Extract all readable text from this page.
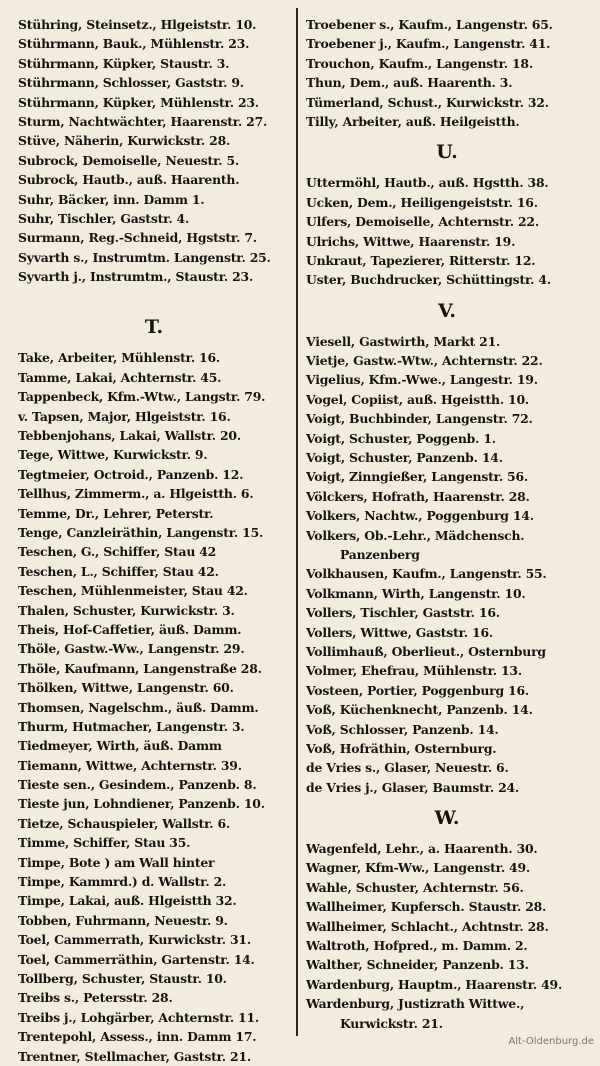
Stühring, Steinsetz., Hlgeiststr. 10.
Stührmann, Bauk., Mühlenstr. 23.
Stührmann, Küpker, Staustr. 3.
Stührmann, Schlosser, Gaststr. 9.
Stührmann, Küpker, Mühlenstr. 23.
Sturm, Nachtwächter, Haarenstr. 27.
Stüve, Näherin, Kurwickstr. 28.
Subrock, Demoiselle, Neuestr. 5.
Subrock, Hautb., auß. Haarenth.
Suhr, Bäcker, inn. Damm 1.
Suhr, Tischler, Gaststr. 4.
Surmann, Reg.-Schneid, Hgststr. 7.
Syvarth s., Instrumtm. Langenstr. 25.
Syvarth j., Instrumtm., Staustr. 23.
T.
Take, Arbeiter, Mühlenstr. 16.
Tamme, Lakai, Achternstr. 45.
Tappenbeck, Kfm.-Wtw., Langstr. 79.
v. Tapsen, Major, Hlgeiststr. 16.
Tebbenjohans, Lakai, Wallstr. 20.
Tege, Wittwe, Kurwickstr. 9.
Tegtmeier, Octroid., Panzenb. 12.
Tellhus, Zimmerm., a. Hlgeistth. 6.
Temme, Dr., Lehrer, Peterstr.
Tenge, Canzleiräthin, Langenstr. 15.
Teschen, G., Schiffer, Stau 42
Teschen, L., Schiffer, Stau 42.
Teschen, Mühlenmeister, Stau 42.
Thalen, Schuster, Kurwickstr. 3.
Theis, Hof-Caffetier, äuß. Damm.
Thöle, Gastw.-Ww., Langenstr. 29.
Thöle, Kaufmann, Langenstraße 28.
Thölken, Wittwe, Langenstr. 60.
Thomsen, Nagelschm., äuß. Damm.
Thurm, Hutmacher, Langenstr. 3.
Tiedmeyer, Wirth, äuß. Damm
Tiemann, Wittwe, Achternstr. 39.
Tieste sen., Gesindem., Panzenb. 8.
Tieste jun, Lohndiener, Panzenb. 10.
Tietze, Schauspieler, Wallstr. 6.
Timme, Schiffer, Stau 35.
Timpe, Bote ) am Wall hinter
Timpe, Kammrd.) d. Wallstr. 2.
Timpe, Lakai, auß. Hlgeistth 32.
Tobben, Fuhrmann, Neuestr. 9.
Toel, Cammerrath, Kurwickstr. 31.
Toel, Cammerräthin, Gartenstr. 14.
Tollberg, Schuster, Staustr. 10.
Treibs s., Petersstr. 28.
Treibs j., Lohgärber, Achternstr. 11.
Trentepohl, Assess., inn. Damm 17.
Trentner, Stellmacher, Gaststr. 21.
Troebener s., Kaufm., Langenstr. 65.
Troebener j., Kaufm., Langenstr. 41.
Trouchon, Kaufm., Langenstr. 18.
Thun, Dem., auß. Haarenth. 3.
Tümerland, Schust., Kurwickstr. 32.
Tilly, Arbeiter, auß. Heilgeistth.
U.
Uttermöhl, Hautb., auß. Hgstth. 38.
Ucken, Dem., Heiligengeiststr. 16.
Ulfers, Demoiselle, Achternstr. 22.
Ulrichs, Wittwe, Haarenstr. 19.
Unkraut, Tapezierer, Ritterstr. 12.
Uster, Buchdrucker, Schüttingstr. 4.
V.
Viesell, Gastwirth, Markt 21.
Vietje, Gastw.-Wtw., Achternstr. 22.
Vigelius, Kfm.-Wwe., Langestr. 19.
Vogel, Copiist, auß. Hgeistth. 10.
Voigt, Buchbinder, Langenstr. 72.
Voigt, Schuster, Poggenb. 1.
Voigt, Schuster, Panzenb. 14.
Voigt, Zinngießer, Langenstr. 56.
Völckers, Hofrath, Haarenstr. 28.
Volkers, Nachtw., Poggenburg 14.
Volkers, Ob.-Lehr., Mädchensch.
Panzenberg
Volkhausen, Kaufm., Langenstr. 55.
Volkmann, Wirth, Langenstr. 10.
Vollers, Tischler, Gaststr. 16.
Vollers, Wittwe, Gaststr. 16.
Vollimhauß, Oberlieut., Osternburg
Volmer, Ehefrau, Mühlenstr. 13.
Vosteen, Portier, Poggenburg 16.
Voß, Küchenknecht, Panzenb. 14.
Voß, Schlosser, Panzenb. 14.
Voß, Hofräthin, Osternburg.
de Vries s., Glaser, Neuestr. 6.
de Vries j., Glaser, Baumstr. 24.
W.
Wagenfeld, Lehr., a. Haarenth. 30.
Wagner, Kfm-Ww., Langenstr. 49.
Wahle, Schuster, Achternstr. 56.
Wallheimer, Kupfersch. Staustr. 28.
Wallheimer, Schlacht., Achtnstr. 28.
Waltroth, Hofpred., m. Damm. 2.
Walther, Schneider, Panzenb. 13.
Wardenburg, Hauptm., Haarenstr. 49.
Wardenburg, Justizrath Wittwe.,
Kurwickstr. 21.
Alt-Oldenburg.de
